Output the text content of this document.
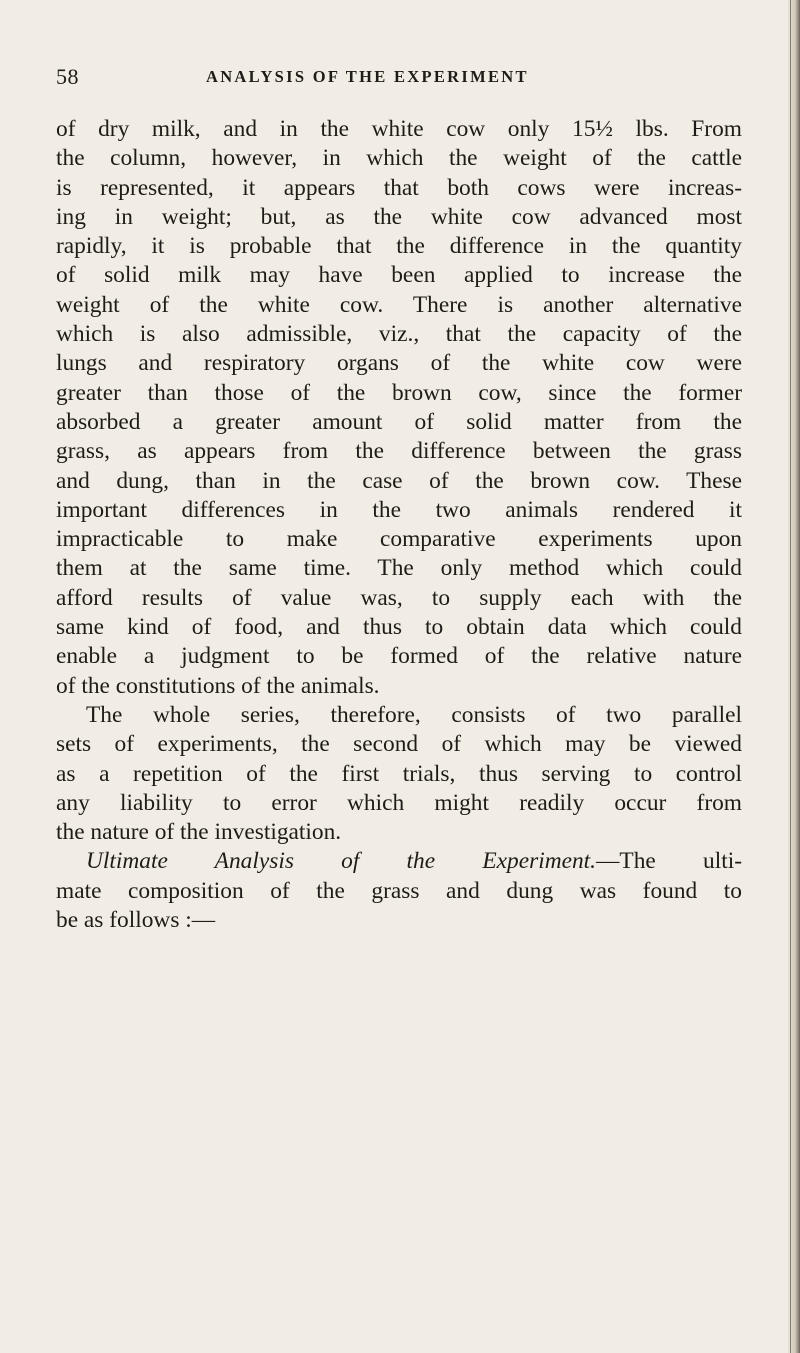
58	ANALYSIS OF THE EXPERIMENT
of dry milk, and in the white cow only 15½ lbs. From
the column, however, in which the weight of the cattle
is represented, it appears that both cows were increas-
ing in weight; but, as the white cow advanced most
rapidly, it is probable that the difference in the quantity
of solid milk may have been applied to increase the
weight of the white cow. There is another alternative
which is also admissible, viz., that the capacity of the
lungs and respiratory organs of the white cow were
greater than those of the brown cow, since the former
absorbed a greater amount of solid matter from the
grass, as appears from the difference between the grass
and dung, than in the case of the brown cow. These
important differences in the two animals rendered it
impracticable to make comparative experiments upon
them at the same time. The only method which could
afford results of value was, to supply each with the
same kind of food, and thus to obtain data which could
enable a judgment to be formed of the relative nature
of the constitutions of the animals.
The whole series, therefore, consists of two parallel
sets of experiments, the second of which may be viewed
as a repetition of the first trials, thus serving to control
any liability to error which might readily occur from
the nature of the investigation.
Ultimate Analysis of the Experiment.—The ulti-
mate composition of the grass and dung was found to
be as follows :—
